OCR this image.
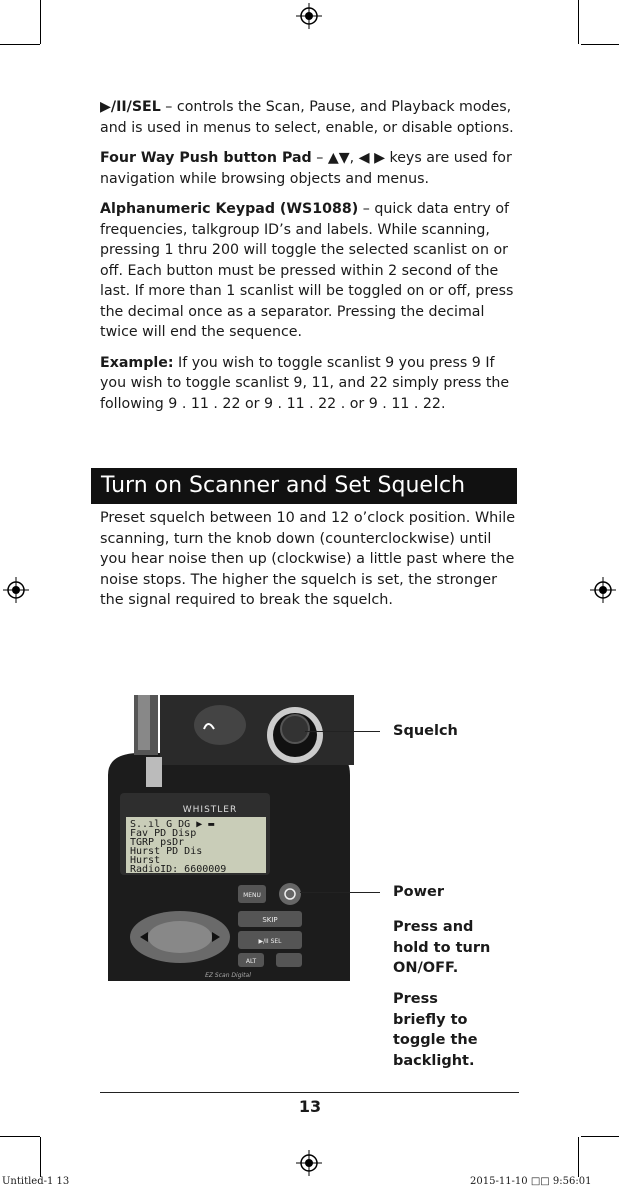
▶/II/SEL – controls the Scan, Pause, and Playback modes, and is used in menus to select, enable, or disable options.

Four Way Push button Pad – ▲▼, ◀ ▶ keys are used for navigation while browsing objects and menus.

Alphanumeric Keypad (WS1088) – quick data entry of frequencies, talkgroup ID’s and labels. While scanning, pressing 1 thru 200 will toggle the selected scanlist on or off. Each button must be pressed within 2 second of the last. If more than 1 scanlist will be toggled on or off, press the decimal once as a separator. Pressing the decimal twice will end the sequence.

Example: If you wish to toggle scanlist 9 you press 9 If you wish to toggle scanlist 9, 11, and 22 simply press the following 9 . 11 . 22 or 9 . 11 . 22 . or 9 . 11 . 22.

Turn on Scanner and Set Squelch
Preset squelch between 10 and 12 o’clock position. While scanning, turn the knob down (counterclockwise) until you hear noise then up (clockwise) a little past where the noise stops. The higher the squelch is set, the stronger the signal required to break the squelch.
WHISTLER
S..ıl G DG ▶ ▬
Fav PD Disp
TGRP psDr
Hurst PD Dis
Hurst
RadioID: 6600009
MENU
SKIP
▶/II SEL
ALT
EZ Scan Digital
Squelch
Power
Press and hold to turn ON/OFF.
Press briefly to toggle the backlight.
13
Untitled-1 13	2015-11-10 □□ 9:56:01
